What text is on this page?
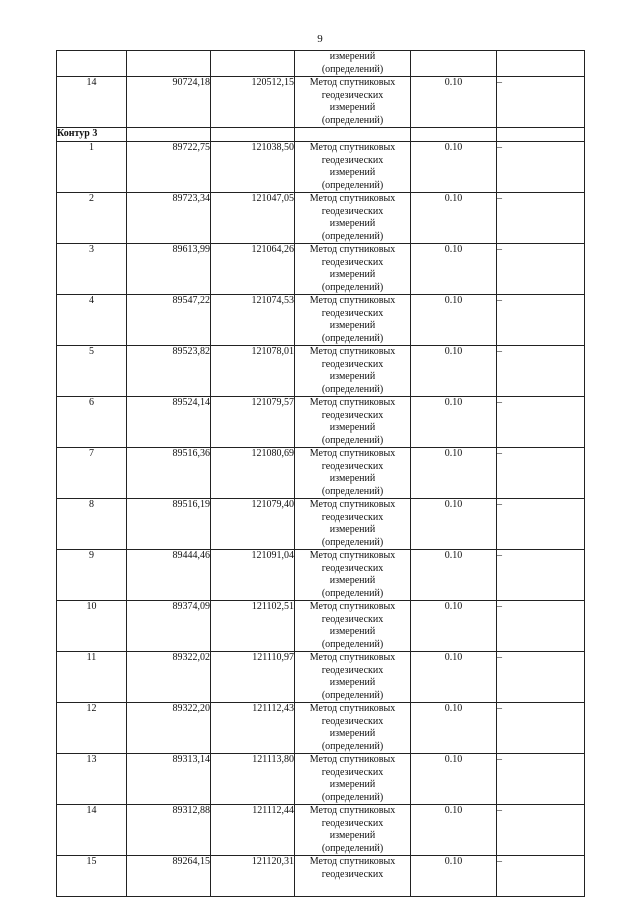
9

			измерений
(определений)		

14	90724,18	120512,15	Метод спутниковых
геодезических
измерений
(определений)	0.10	–
Контур 3					
1	89722,75	121038,50	Метод спутниковых
геодезических
измерений
(определений)	0.10	–
2	89723,34	121047,05	Метод спутниковых
геодезических
измерений
(определений)	0.10	–
3	89613,99	121064,26	Метод спутниковых
геодезических
измерений
(определений)	0.10	–
4	89547,22	121074,53	Метод спутниковых
геодезических
измерений
(определений)	0.10	–
5	89523,82	121078,01	Метод спутниковых
геодезических
измерений
(определений)	0.10	–
6	89524,14	121079,57	Метод спутниковых
геодезических
измерений
(определений)	0.10	–
7	89516,36	121080,69	Метод спутниковых
геодезических
измерений
(определений)	0.10	–
8	89516,19	121079,40	Метод спутниковых
геодезических
измерений
(определений)	0.10	–
9	89444,46	121091,04	Метод спутниковых
геодезических
измерений
(определений)	0.10	–
10	89374,09	121102,51	Метод спутниковых
геодезических
измерений
(определений)	0.10	–
11	89322,02	121110,97	Метод спутниковых
геодезических
измерений
(определений)	0.10	–
12	89322,20	121112,43	Метод спутниковых
геодезических
измерений
(определений)	0.10	–
13	89313,14	121113,80	Метод спутниковых
геодезических
измерений
(определений)	0.10	–
14	89312,88	121112,44	Метод спутниковых
геодезических
измерений
(определений)	0.10	–
15	89264,15	121120,31	Метод спутниковых
геодезических	0.10	–
